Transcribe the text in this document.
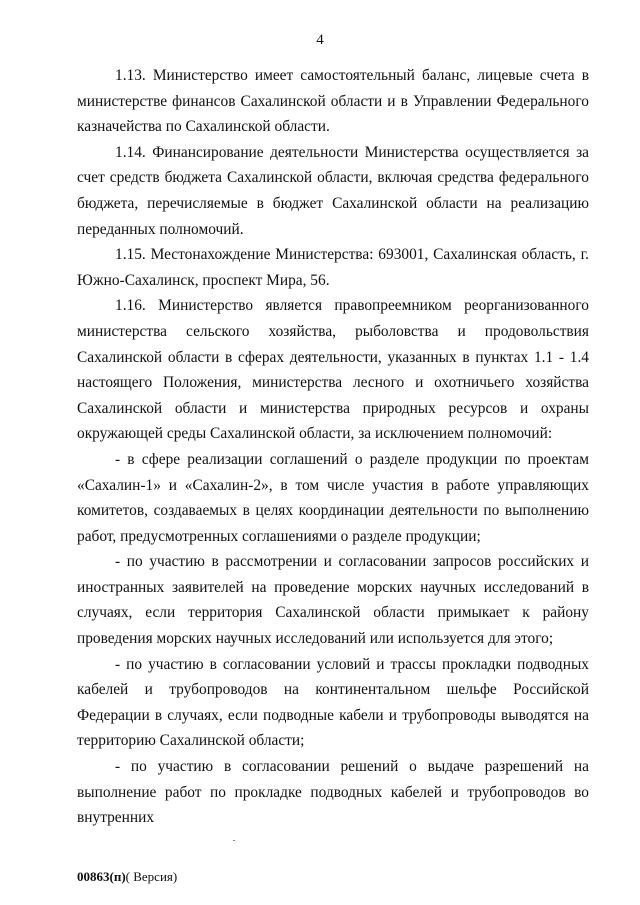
4

1.13. Министерство имеет самостоятельный баланс, лицевые счета в министерстве финансов Сахалинской области и в Управлении Федерального казначейства по Сахалинской области.

1.14. Финансирование деятельности Министерства осуществляется за счет средств бюджета Сахалинской области, включая средства федерального бюджета, перечисляемые в бюджет Сахалинской области на реализацию переданных полномочий.

1.15. Местонахождение Министерства: 693001, Сахалинская область, г. Южно-Сахалинск, проспект Мира, 56.

1.16. Министерство является правопреемником реорганизованного министерства сельского хозяйства, рыболовства и продовольствия Сахалинской области в сферах деятельности, указанных в пунктах 1.1 - 1.4 настоящего Положения, министерства лесного и охотничьего хозяйства Сахалинской области и министерства природных ресурсов и охраны окружающей среды Сахалинской области, за исключением полномочий:

- в сфере реализации соглашений о разделе продукции по проектам «Сахалин-1» и «Сахалин-2», в том числе участия в работе управляющих комитетов, создаваемых в целях координации деятельности по выполнению работ, предусмотренных соглашениями о разделе продукции;

- по участию в рассмотрении и согласовании запросов российских и иностранных заявителей на проведение морских научных исследований в случаях, если территория Сахалинской области примыкает к району проведения морских научных исследований или используется для этого;

- по участию в согласовании условий и трассы прокладки подводных кабелей и трубопроводов на континентальном шельфе Российской Федерации в случаях, если подводные кабели и трубопроводы выводятся на территорию Сахалинской области;

- по участию в согласовании решений о выдаче разрешений на выполнение работ по прокладке подводных кабелей и трубопроводов во внутренних

00863(п)( Версия)
